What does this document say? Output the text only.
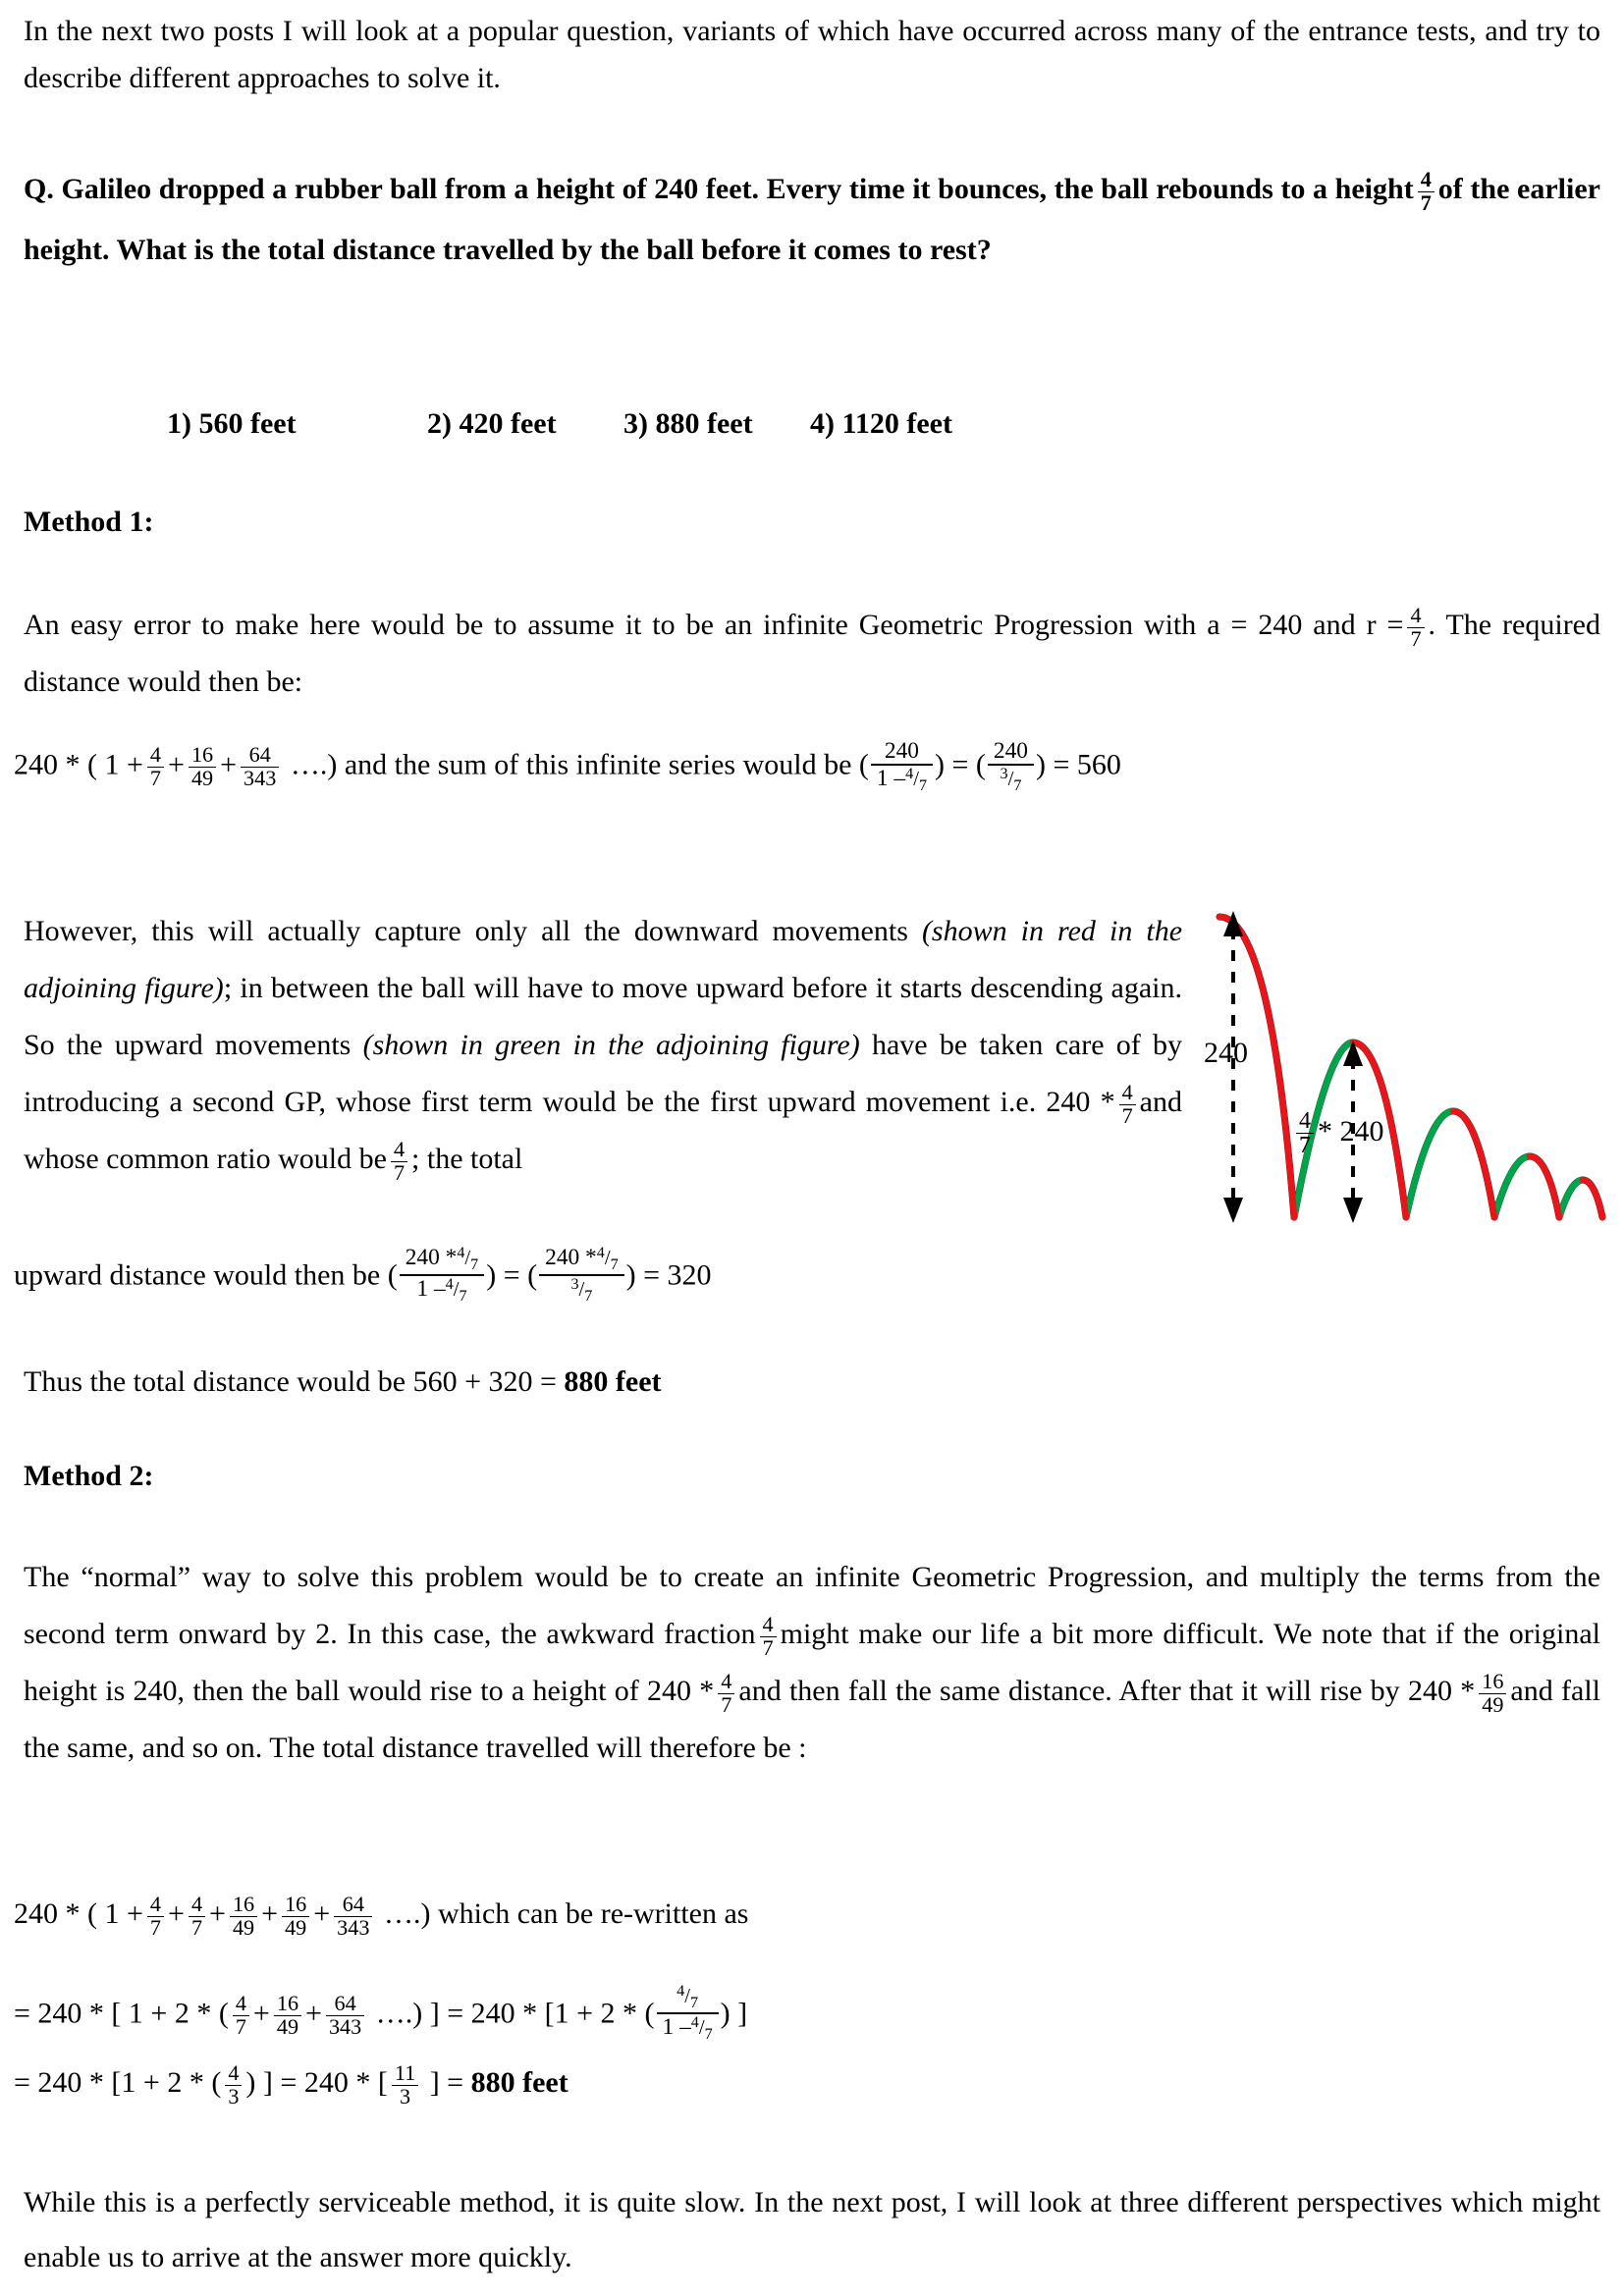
In the next two posts I will look at a popular question, variants of which have occurred across many of the entrance tests, and try to describe different approaches to solve it.
Q. Galileo dropped a rubber ball from a height of 240 feet. Every time it bounces, the ball rebounds to a height $\frac{4}{7}$ of the earlier height. What is the total distance travelled by the ball before it comes to rest?
1) 560 feet	2) 420 feet 3) 880 feet 4) 1120 feet
Method 1:
An easy error to make here would be to assume it to be an infinite Geometric Progression with a = 240 and $r = \frac{4}{7}$ . The required distance would then be:
240 * ( $1 + \frac{4}{7} + \frac{16}{49} + \frac{64}{343}$ ….) and the sum of this infinite series would be ( $\frac{240}{1 -^4/_7}$ ) = ( $\frac{240}{^3/_7}$ ) = 560
However, this will actually capture only all the downward movements (shown in red in the adjoining figure); in between the ball will have to move upward before it starts descending again. So the upward movements (shown in green in the adjoining figure) have be taken care of by introducing a second GP, whose first term would be the first upward movement i.e. $240 * \frac{4}{7}$ and whose common ratio would be $\frac{4}{7}$ ; the total
240
$\frac{4}{7} * 240$
upward distance would then be ( $\frac{240 *^4/_7}{1 -^4/_7}$ ) = ( $\frac{240 *^4/_7}{^3/_7}$ ) = 320
Thus the total distance would be 560 + 320 = 880 feet
Method 2:
The “normal” way to solve this problem would be to create an infinite Geometric Progression, and multiply the terms from the second term onward by 2. In this case, the awkward fraction $\frac{4}{7}$ might make our life a bit more difficult. We note that if the original height is 240, then the ball would rise to a height of $240 * \frac{4}{7}$ and then fall the same distance. After that it will rise by $240 * \frac{16}{49}$ and fall the same, and so on. The total distance travelled will therefore be :
240 * ( $1 + \frac{4}{7} + \frac{4}{7} + \frac{16}{49} + \frac{16}{49} + \frac{64}{343}$ ….) which can be re-written as
= 240 * [ 1 + 2 * ( $\frac{4}{7} + \frac{16}{49} + \frac{64}{343}$ ….) ] = 240 * [1 + 2 * ( $\frac{^4/_7}{1 -^4/_7}$ ) ]
= 240 * [1 + 2 * ( $\frac{4}{3}$ ) ] = 240 * [ $\frac{11}{3}$ ] = 880 feet
While this is a perfectly serviceable method, it is quite slow. In the next post, I will look at three different perspectives which might enable us to arrive at the answer more quickly.
